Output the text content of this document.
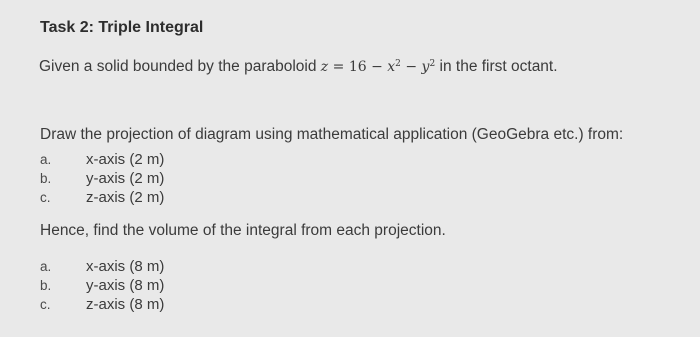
Task 2: Triple Integral
Given a solid bounded by the paraboloid $z = 16 - x^2 - y^2$ in the first octant.
Draw the projection of diagram using mathematical application (GeoGebra etc.) from:
a. x-axis (2 m)
b. y-axis (2 m)
c. z-axis (2 m)
Hence, find the volume of the integral from each projection.
a. x-axis (8 m)
b. y-axis (8 m)
c. z-axis (8 m)
